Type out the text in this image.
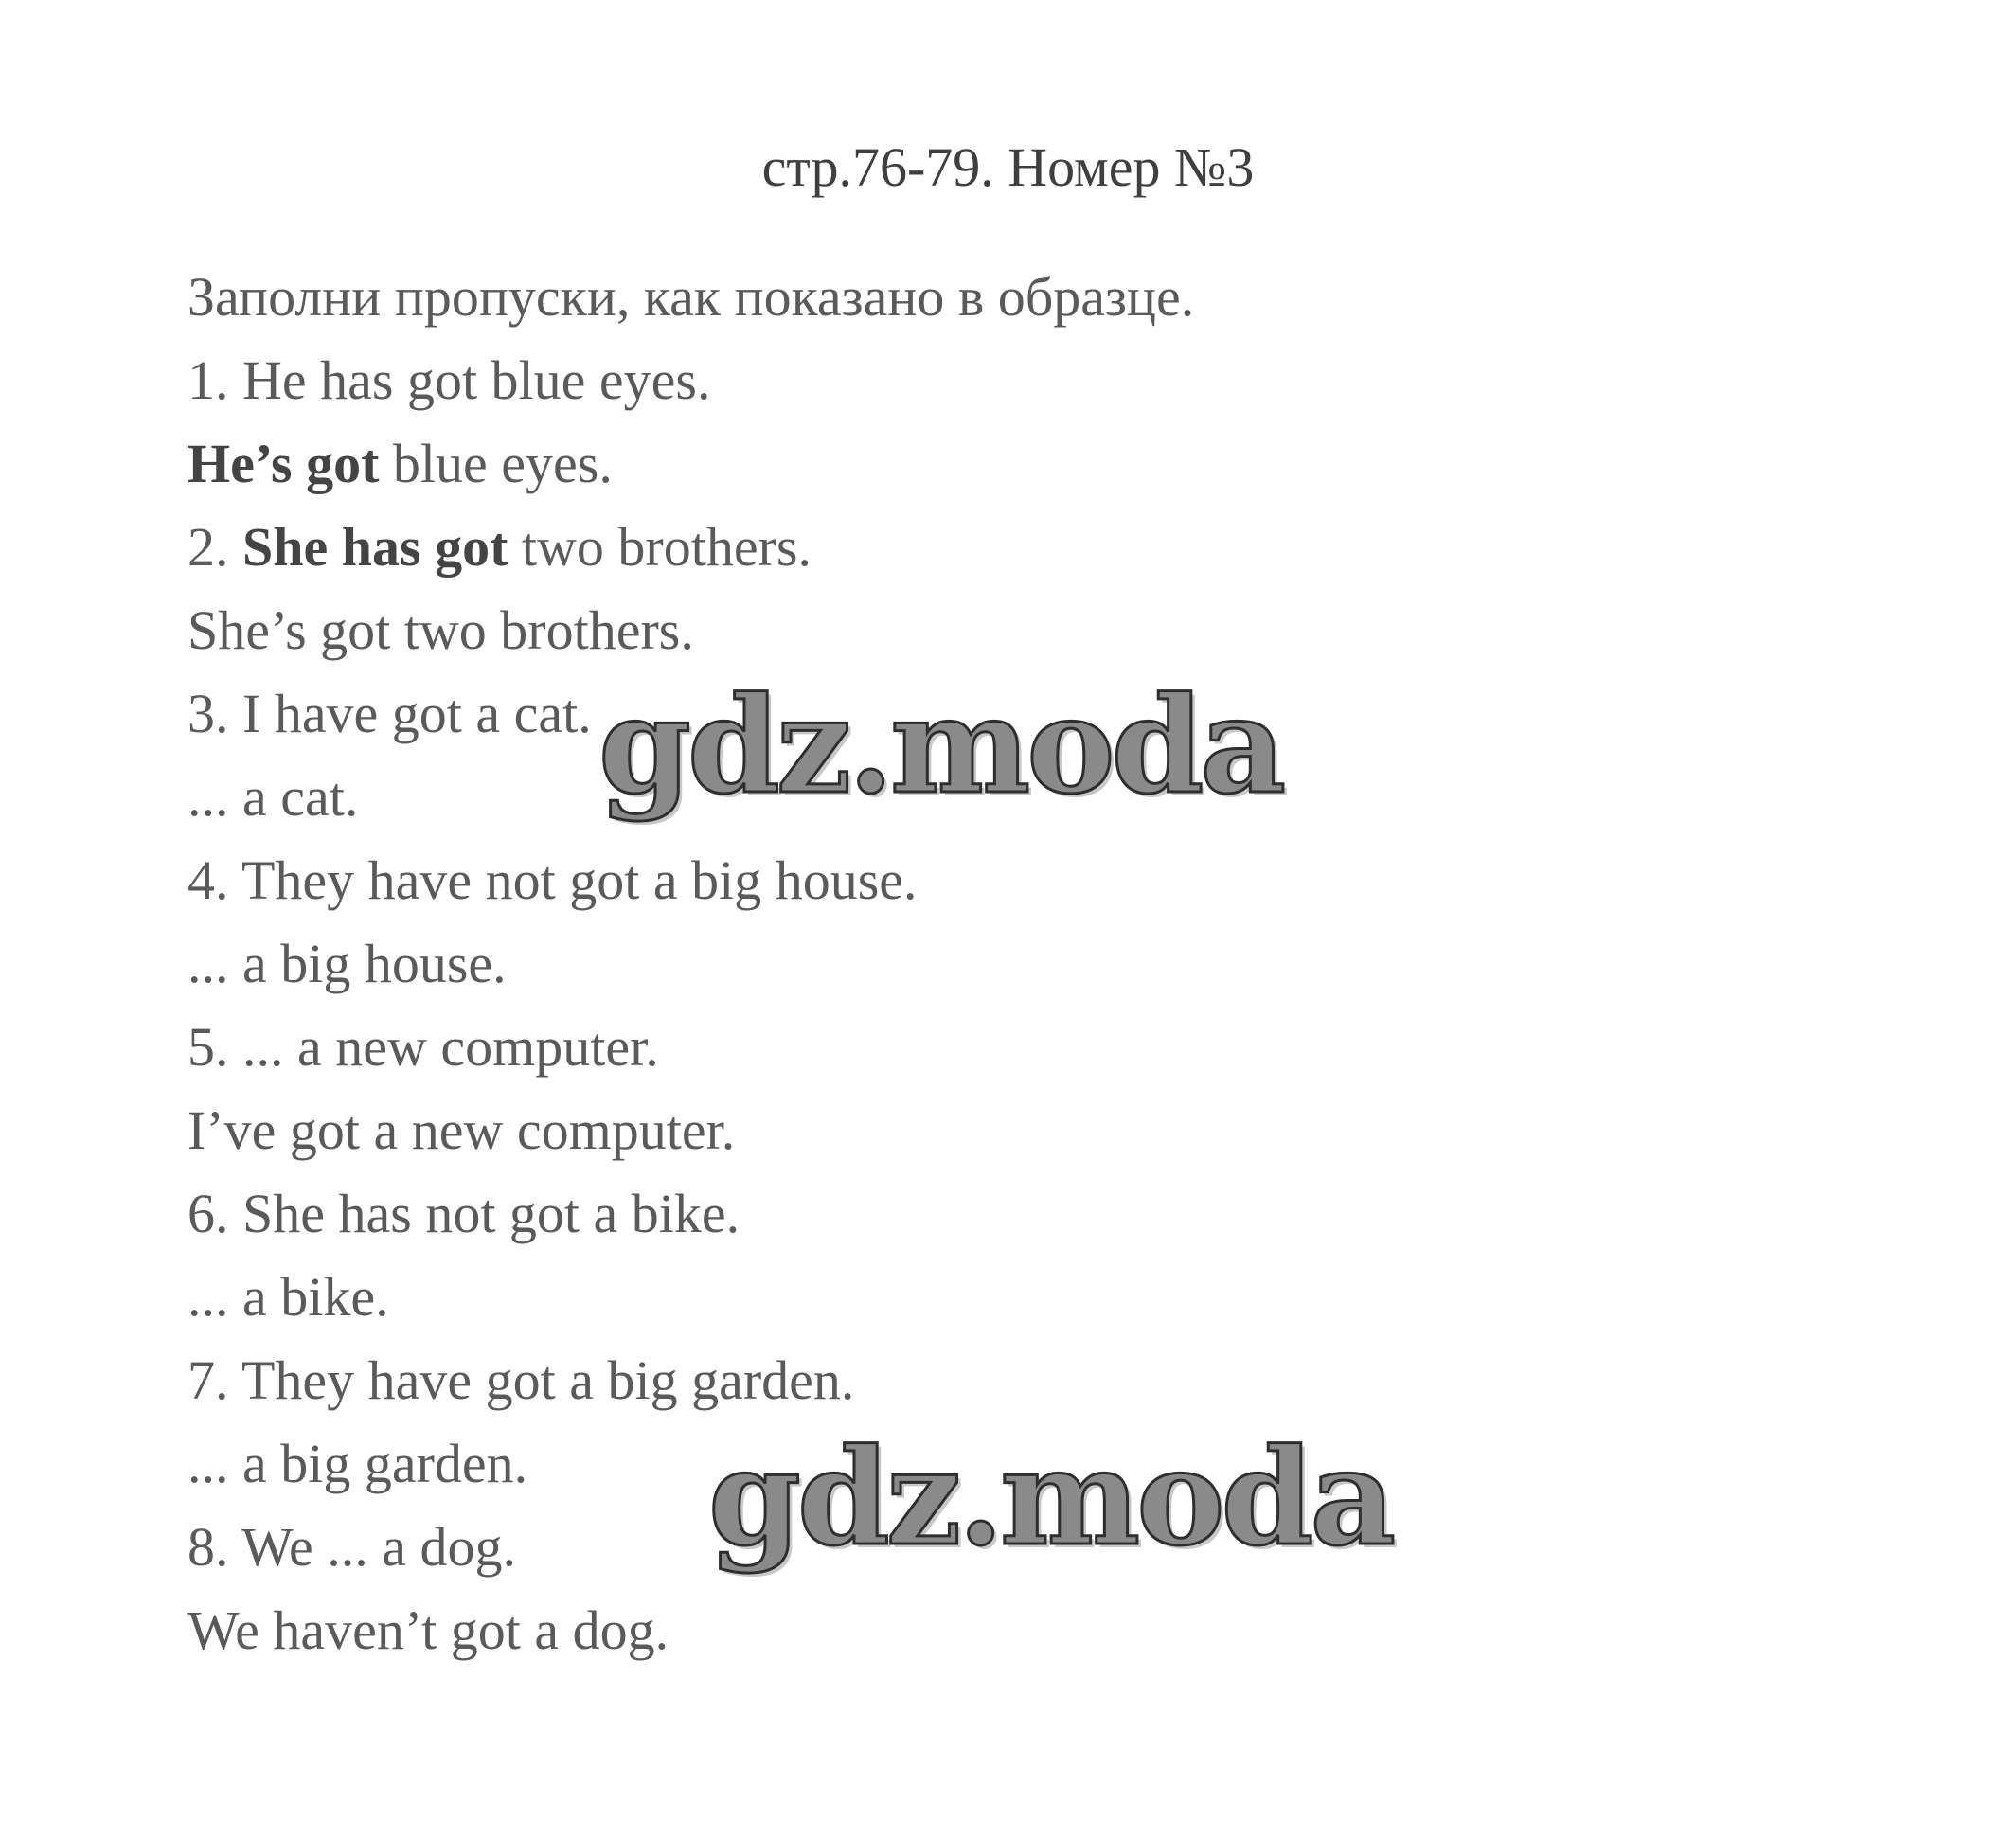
стр.76-79. Номер №3
Заполни пропуски, как показано в образце.
1. He has got blue eyes.
He’s got blue eyes.
2. She has got two brothers.
She’s got two brothers.
3. I have got a cat.
... a cat.
4. They have not got a big house.
... a big house.
5. ... a new computer.
I’ve got a new computer.
6. She has not got a bike.
... a bike.
7. They have got a big garden.
... a big garden.
8. We ... a dog.
We haven’t got a dog.
gdz.moda
gdz.moda
